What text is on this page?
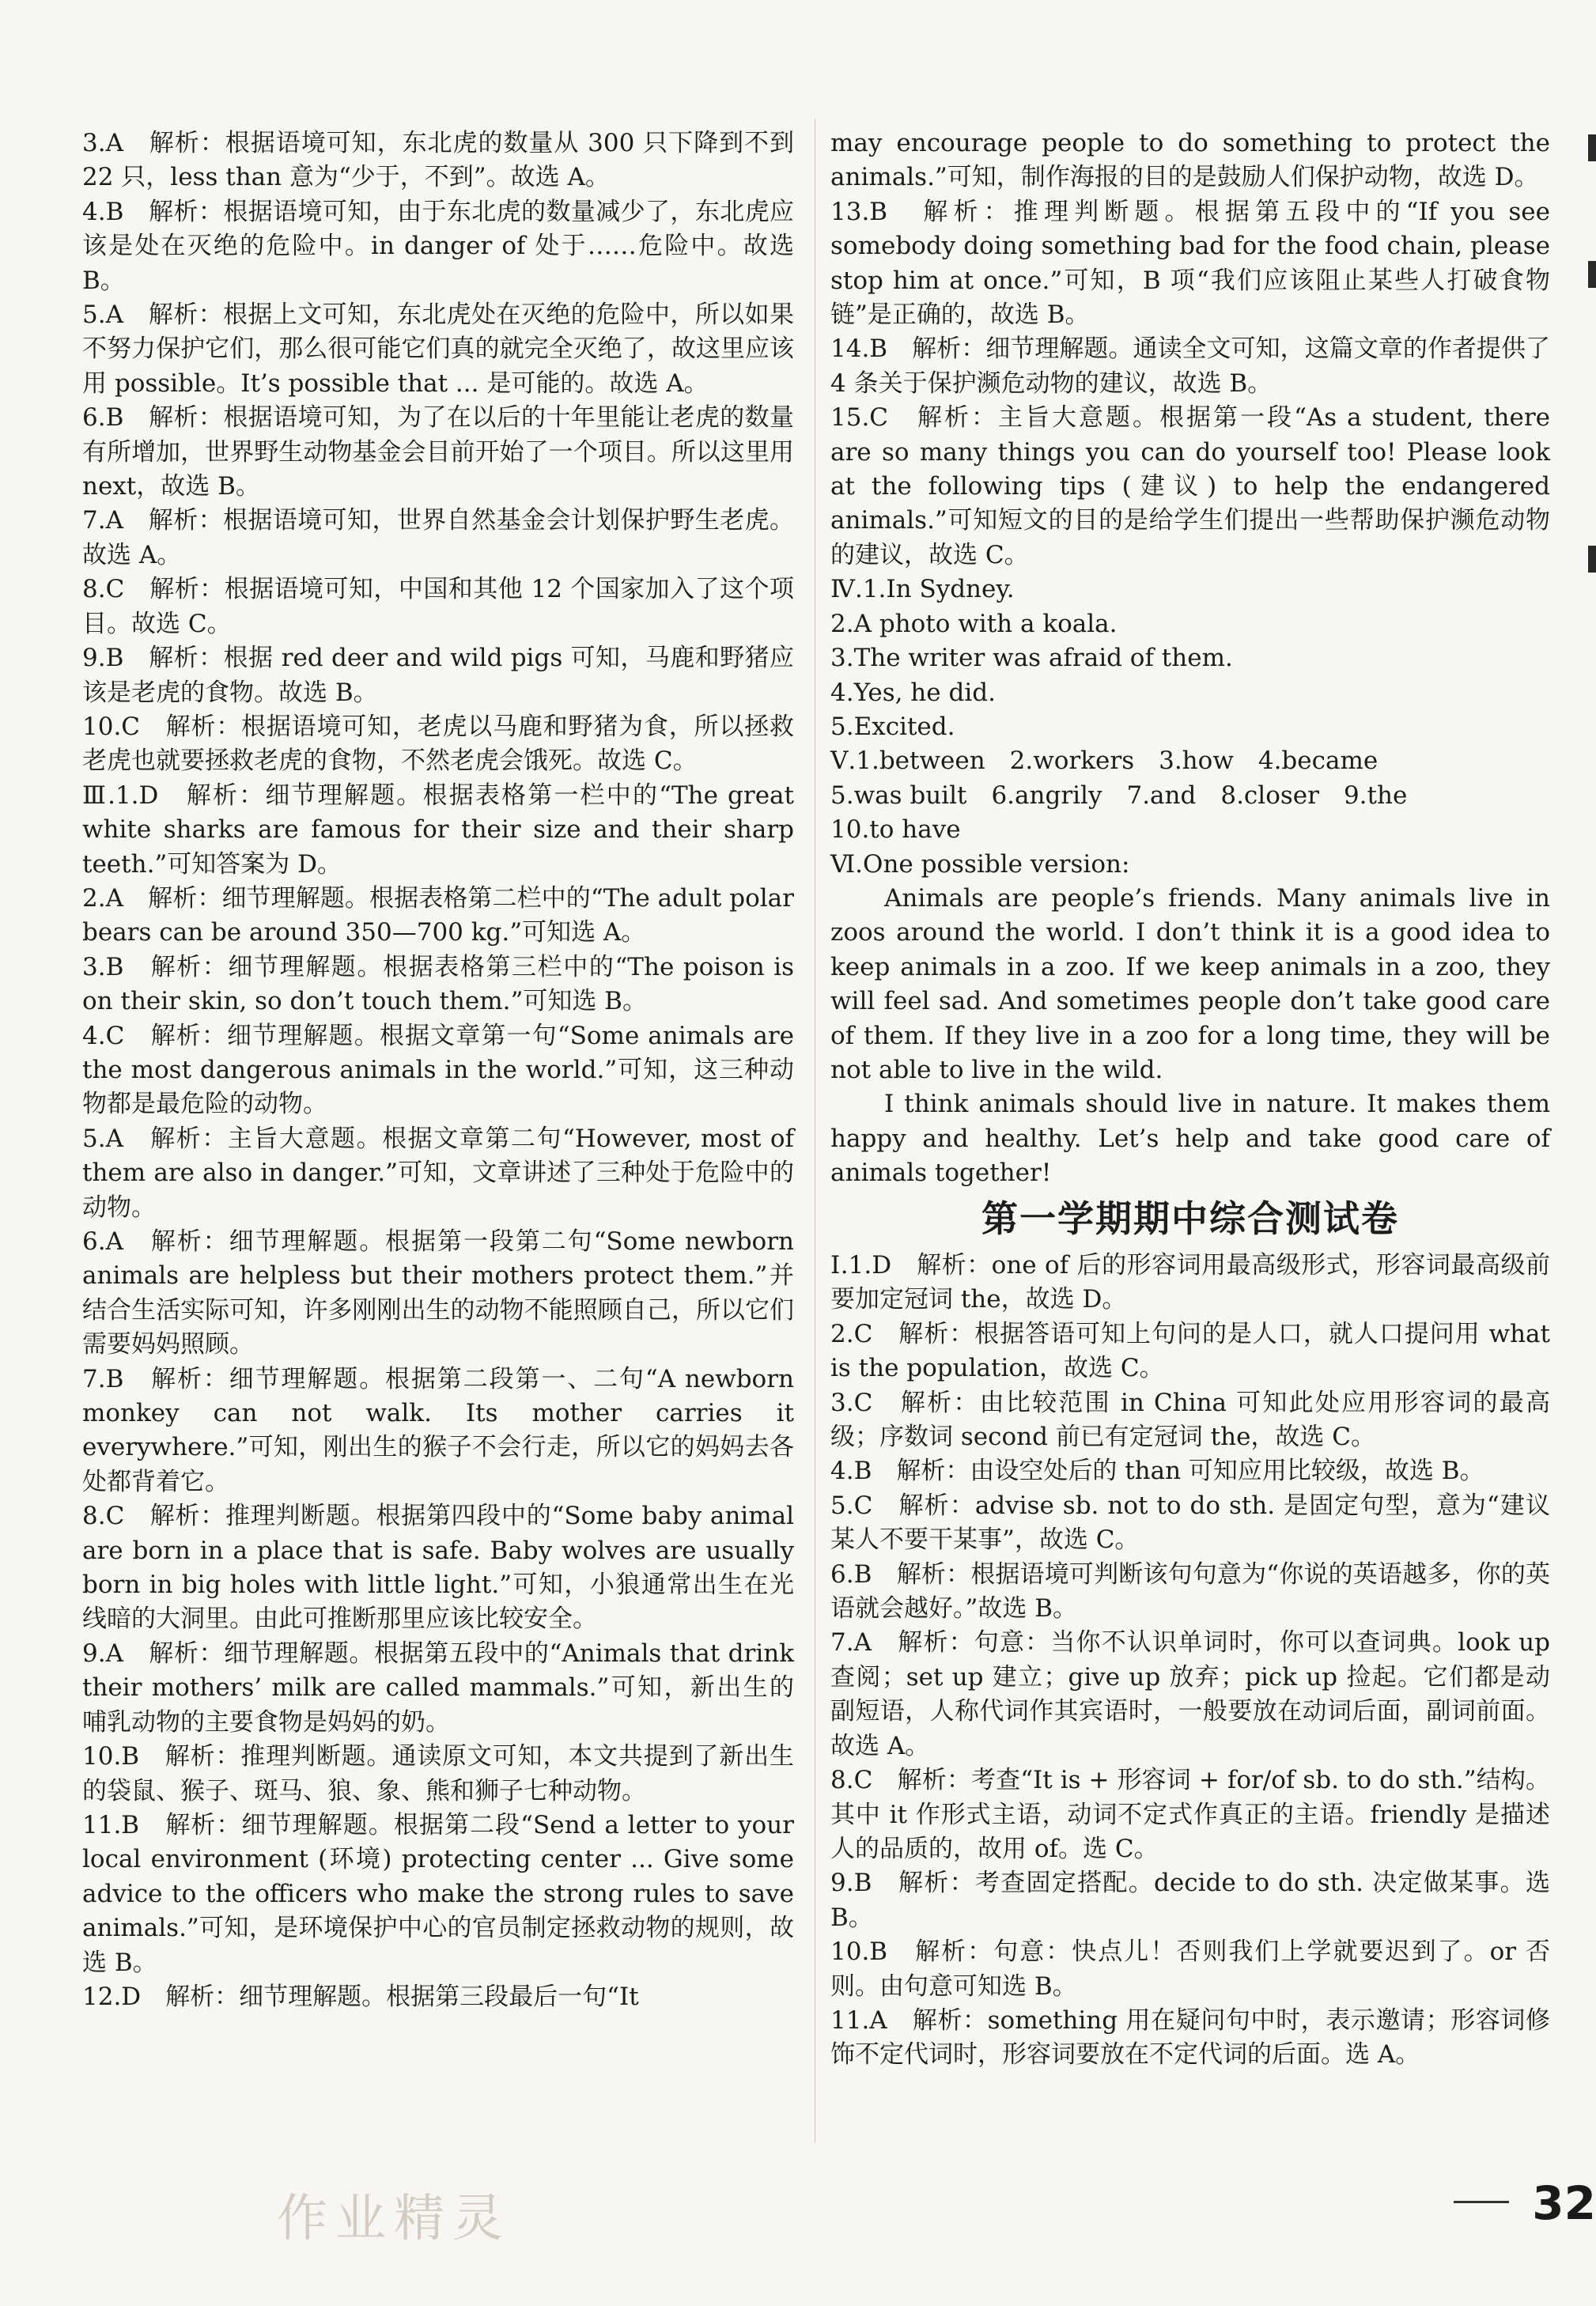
3.A　解析：根据语境可知，东北虎的数量从 300 只下降到不到 22 只，less than 意为“少于，不到”。故选 A。

4.B　解析：根据语境可知，由于东北虎的数量减少了，东北虎应该是处在灭绝的危险中。in danger of 处于……危险中。故选 B。

5.A　解析：根据上文可知，东北虎处在灭绝的危险中，所以如果不努力保护它们，那么很可能它们真的就完全灭绝了，故这里应该用 possible。It’s possible that ... 是可能的。故选 A。

6.B　解析：根据语境可知，为了在以后的十年里能让老虎的数量有所增加，世界野生动物基金会目前开始了一个项目。所以这里用 next，故选 B。

7.A　解析：根据语境可知，世界自然基金会计划保护野生老虎。故选 A。

8.C　解析：根据语境可知，中国和其他 12 个国家加入了这个项目。故选 C。

9.B　解析：根据 red deer and wild pigs 可知，马鹿和野猪应该是老虎的食物。故选 B。

10.C　解析：根据语境可知，老虎以马鹿和野猪为食，所以拯救老虎也就要拯救老虎的食物，不然老虎会饿死。故选 C。

Ⅲ.1.D　解析：细节理解题。根据表格第一栏中的“The great white sharks are famous for their size and their sharp teeth.”可知答案为 D。

2.A　解析：细节理解题。根据表格第二栏中的“The adult polar bears can be around 350—700 kg.”可知选 A。

3.B　解析：细节理解题。根据表格第三栏中的“The poison is on their skin, so don’t touch them.”可知选 B。

4.C　解析：细节理解题。根据文章第一句“Some animals are the most dangerous animals in the world.”可知，这三种动物都是最危险的动物。

5.A　解析：主旨大意题。根据文章第二句“However, most of them are also in danger.”可知，文章讲述了三种处于危险中的动物。

6.A　解析：细节理解题。根据第一段第二句“Some newborn animals are helpless but their mothers protect them.”并结合生活实际可知，许多刚刚出生的动物不能照顾自己，所以它们需要妈妈照顾。

7.B　解析：细节理解题。根据第二段第一、二句“A newborn monkey can not walk. Its mother carries it everywhere.”可知，刚出生的猴子不会行走，所以它的妈妈去各处都背着它。

8.C　解析：推理判断题。根据第四段中的“Some baby animal are born in a place that is safe. Baby wolves are usually born in big holes with little light.”可知，小狼通常出生在光线暗的大洞里。由此可推断那里应该比较安全。

9.A　解析：细节理解题。根据第五段中的“Animals that drink their mothers’ milk are called mammals.”可知，新出生的哺乳动物的主要食物是妈妈的奶。

10.B　解析：推理判断题。通读原文可知，本文共提到了新出生的袋鼠、猴子、斑马、狼、象、熊和狮子七种动物。

11.B　解析：细节理解题。根据第二段“Send a letter to your local environment (环境) protecting center ... Give some advice to the officers who make the strong rules to save animals.”可知，是环境保护中心的官员制定拯救动物的规则，故选 B。

12.D　解析：细节理解题。根据第三段最后一句“It

may encourage people to do something to protect the animals.”可知，制作海报的目的是鼓励人们保护动物，故选 D。

13.B　解析：推理判断题。根据第五段中的“If you see somebody doing something bad for the food chain, please stop him at once.”可知，B 项“我们应该阻止某些人打破食物链”是正确的，故选 B。

14.B　解析：细节理解题。通读全文可知，这篇文章的作者提供了 4 条关于保护濒危动物的建议，故选 B。

15.C　解析：主旨大意题。根据第一段“As a student, there are so many things you can do yourself too! Please look at the following tips (建议) to help the endangered animals.”可知短文的目的是给学生们提出一些帮助保护濒危动物的建议，故选 C。

Ⅳ.1.In Sydney.

2.A photo with a koala.

3.The writer was afraid of them.

4.Yes, he did.

5.Excited.

Ⅴ.1.between　2.workers　3.how　4.became

5.was built　6.angrily　7.and　8.closer　9.the

10.to have

Ⅵ.One possible version:

Animals are people’s friends. Many animals live in zoos around the world. I don’t think it is a good idea to keep animals in a zoo. If we keep animals in a zoo, they will feel sad. And sometimes people don’t take good care of them. If they live in a zoo for a long time, they will be not able to live in the wild.

I think animals should live in nature. It makes them happy and healthy. Let’s help and take good care of animals together!

第一学期期中综合测试卷

Ⅰ.1.D　解析：one of 后的形容词用最高级形式，形容词最高级前要加定冠词 the，故选 D。

2.C　解析：根据答语可知上句问的是人口，就人口提问用 what is the population，故选 C。

3.C　解析：由比较范围 in China 可知此处应用形容词的最高级；序数词 second 前已有定冠词 the，故选 C。

4.B　解析：由设空处后的 than 可知应用比较级，故选 B。

5.C　解析：advise sb. not to do sth. 是固定句型，意为“建议某人不要干某事”，故选 C。

6.B　解析：根据语境可判断该句句意为“你说的英语越多，你的英语就会越好。”故选 B。

7.A　解析：句意：当你不认识单词时，你可以查词典。look up 查阅；set up 建立；give up 放弃；pick up 捡起。它们都是动副短语，人称代词作其宾语时，一般要放在动词后面，副词前面。故选 A。

8.C　解析：考查“It is + 形容词 + for/of sb. to do sth.”结构。其中 it 作形式主语，动词不定式作真正的主语。friendly 是描述人的品质的，故用 of。选 C。

9.B　解析：考查固定搭配。decide to do sth. 决定做某事。选 B。

10.B　解析：句意：快点儿！否则我们上学就要迟到了。or 否则。由句意可知选 B。

11.A　解析：something 用在疑问句中时，表示邀请；形容词修饰不定代词时，形容词要放在不定代词的后面。选 A。

作业精灵	32
